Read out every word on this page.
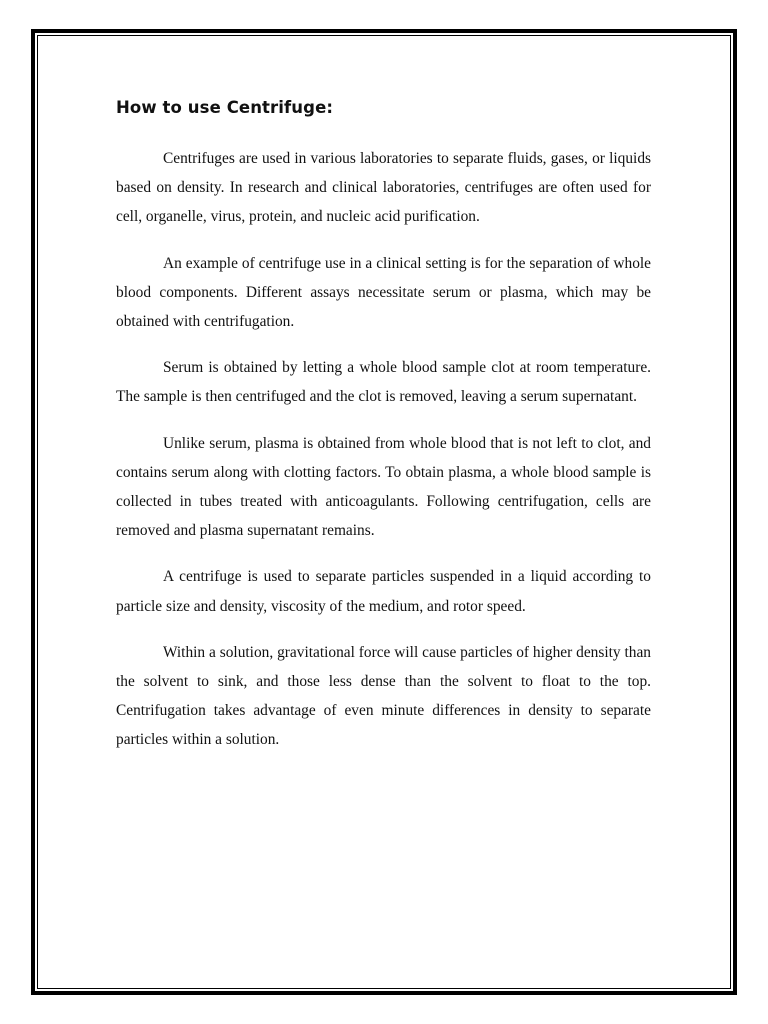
How to use Centrifuge:

Centrifuges are used in various laboratories to separate fluids, gases, or liquids based on density. In research and clinical laboratories, centrifuges are often used for cell, organelle, virus, protein, and nucleic acid purification.

An example of centrifuge use in a clinical setting is for the separation of whole blood components. Different assays necessitate serum or plasma, which may be obtained with centrifugation.

Serum is obtained by letting a whole blood sample clot at room temperature. The sample is then centrifuged and the clot is removed, leaving a serum supernatant.

Unlike serum, plasma is obtained from whole blood that is not left to clot, and contains serum along with clotting factors. To obtain plasma, a whole blood sample is collected in tubes treated with anticoagulants. Following centrifugation, cells are removed and plasma supernatant remains.

A centrifuge is used to separate particles suspended in a liquid according to particle size and density, viscosity of the medium, and rotor speed.

Within a solution, gravitational force will cause particles of higher density than the solvent to sink, and those less dense than the solvent to float to the top. Centrifugation takes advantage of even minute differences in density to separate particles within a solution.
